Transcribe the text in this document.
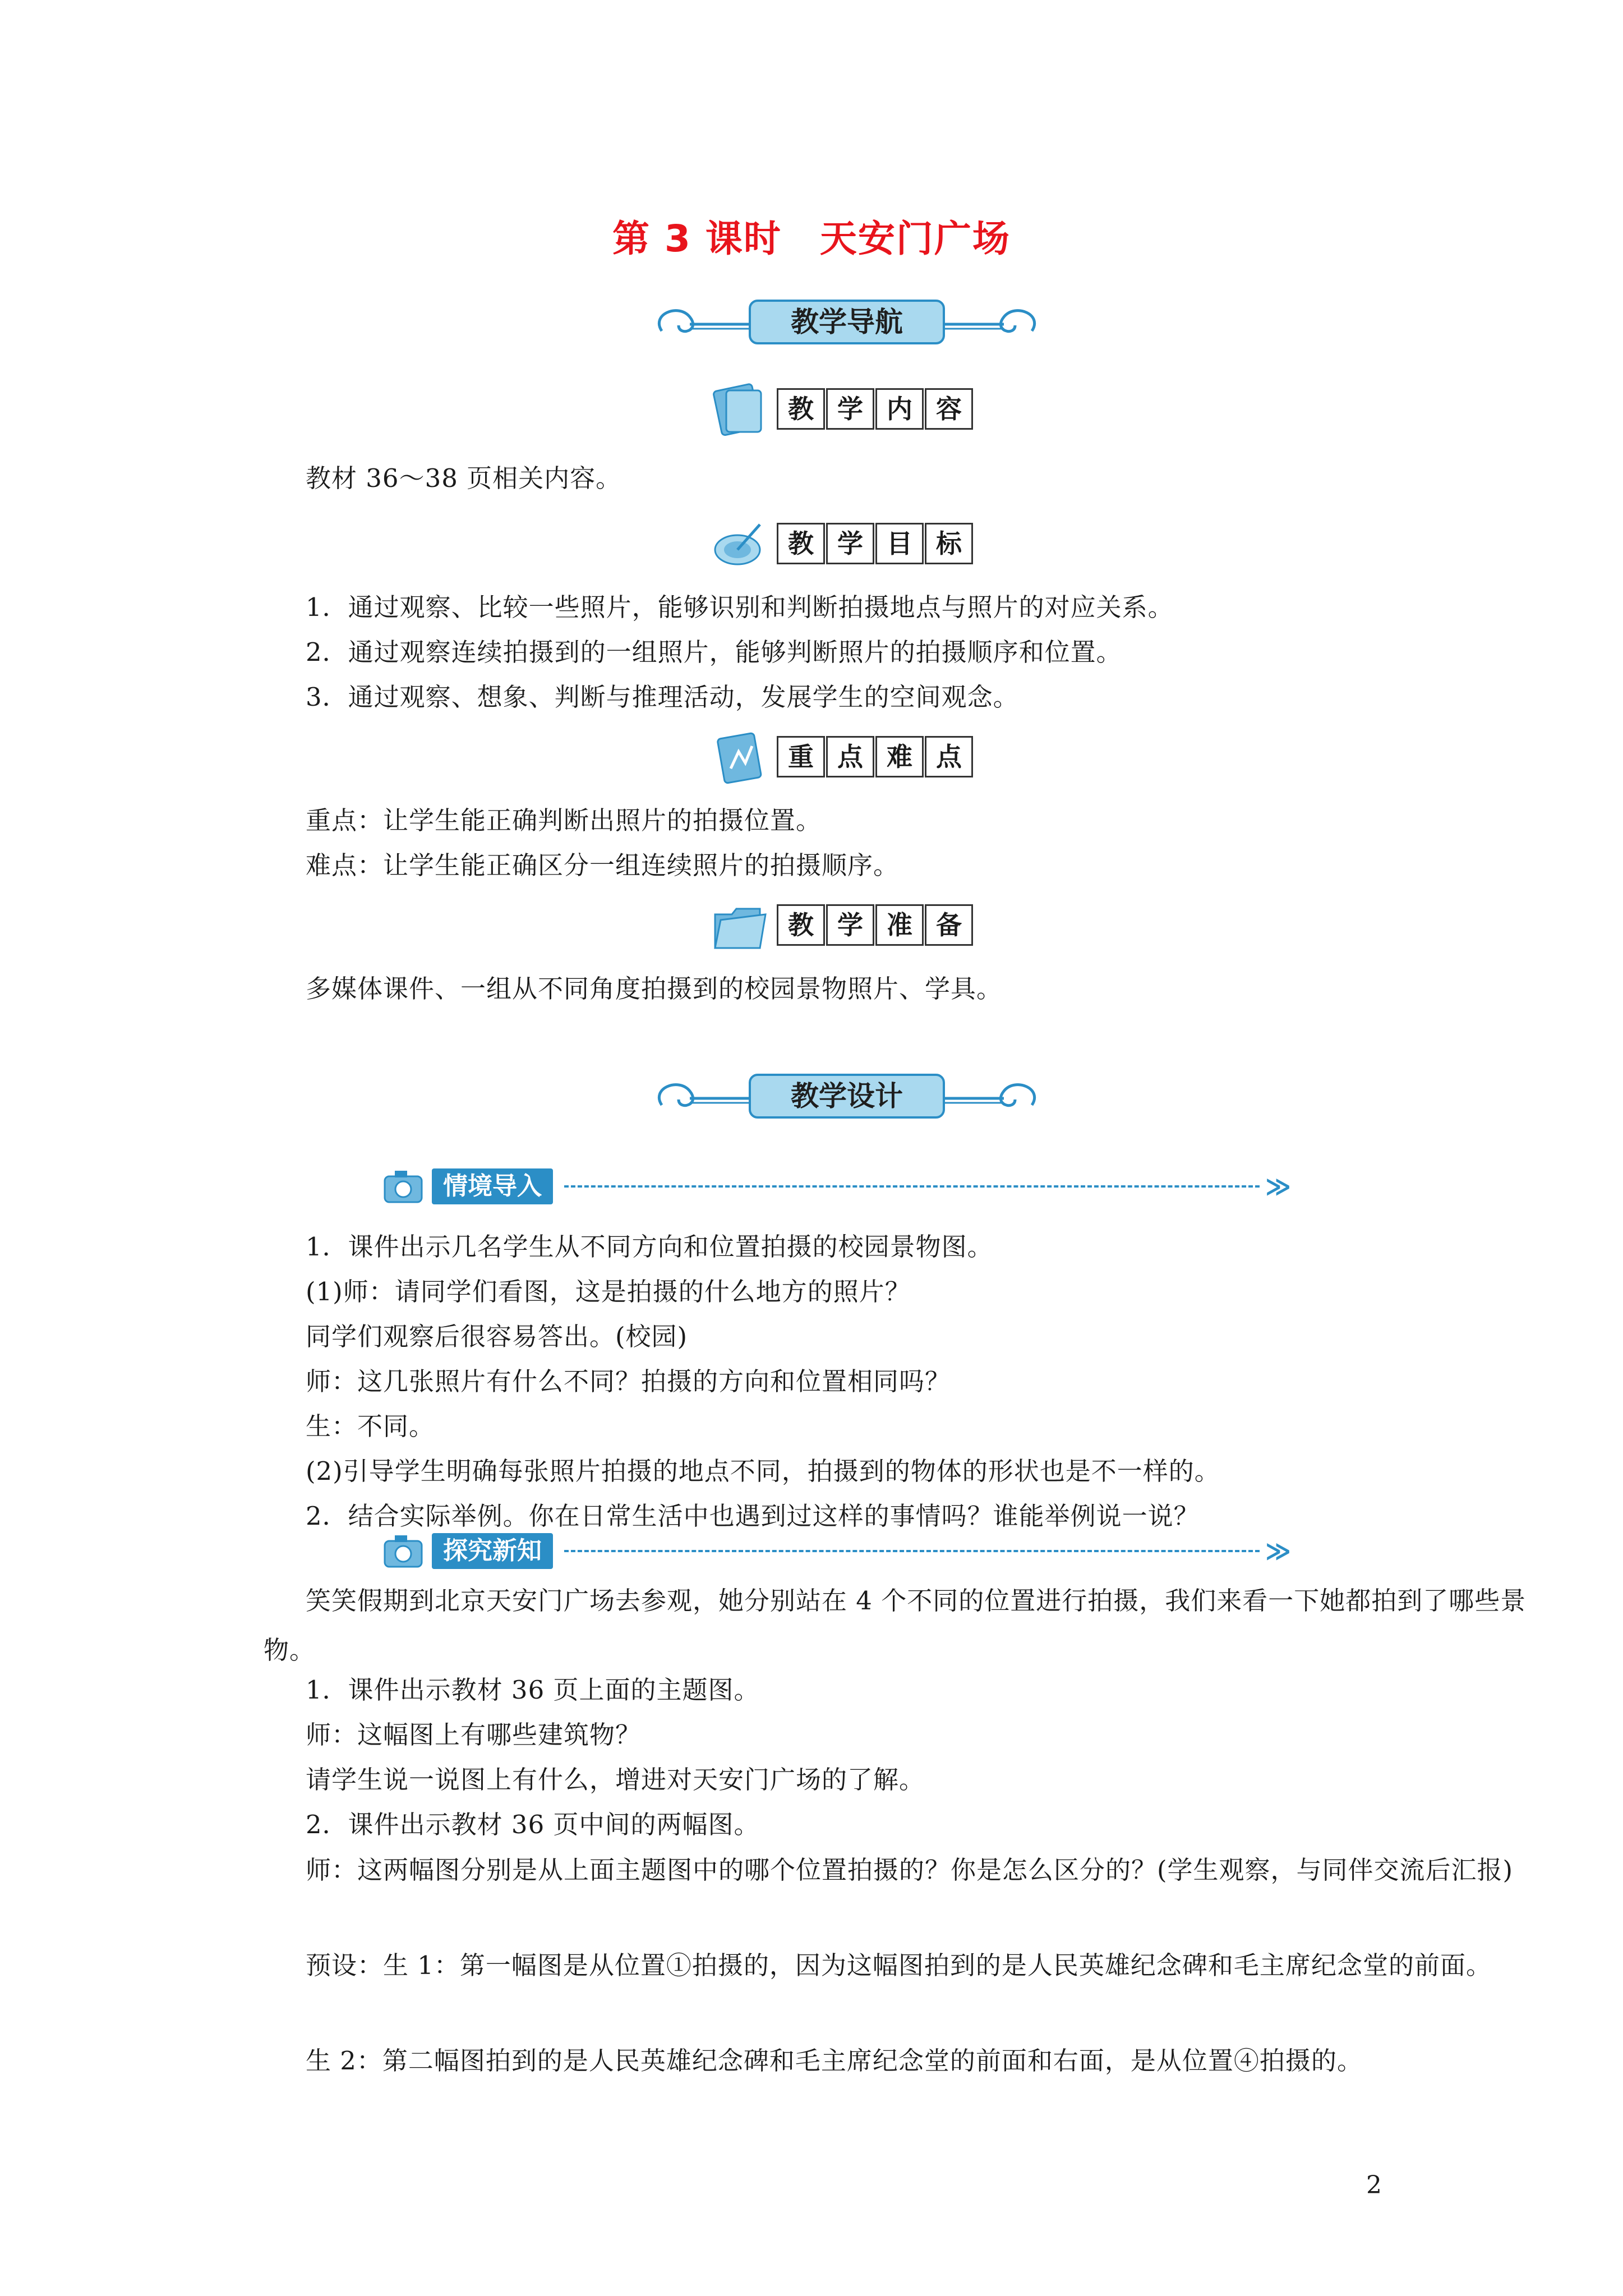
第 3 课时　天安门广场
教学导航
教 学 内 容
教材 36～38 页相关内容。
教 学 目 标
1．通过观察、比较一些照片，能够识别和判断拍摄地点与照片的对应关系。
2．通过观察连续拍摄到的一组照片，能够判断照片的拍摄顺序和位置。
3．通过观察、想象、判断与推理活动，发展学生的空间观念。
重 点 难 点
重点：让学生能正确判断出照片的拍摄位置。
难点：让学生能正确区分一组连续照片的拍摄顺序。
教 学 准 备
多媒体课件、一组从不同角度拍摄到的校园景物照片、学具。
教学设计
情境导入	≫
1．课件出示几名学生从不同方向和位置拍摄的校园景物图。
(1)师：请同学们看图，这是拍摄的什么地方的照片？
同学们观察后很容易答出。(校园)
师：这几张照片有什么不同？拍摄的方向和位置相同吗？
生：不同。
(2)引导学生明确每张照片拍摄的地点不同，拍摄到的物体的形状也是不一样的。
2．结合实际举例。你在日常生活中也遇到过这样的事情吗？谁能举例说一说？
探究新知	≫
笑笑假期到北京天安门广场去参观，她分别站在 4 个不同的位置进行拍摄，我们来看一下她都拍到了哪些景物。
1．课件出示教材 36 页上面的主题图。
师：这幅图上有哪些建筑物？
请学生说一说图上有什么，增进对天安门广场的了解。
2．课件出示教材 36 页中间的两幅图。
师：这两幅图分别是从上面主题图中的哪个位置拍摄的？你是怎么区分的？(学生观察，与同伴交流后汇报)
预设：生 1：第一幅图是从位置①拍摄的，因为这幅图拍到的是人民英雄纪念碑和毛主席纪念堂的前面。
生 2：第二幅图拍到的是人民英雄纪念碑和毛主席纪念堂的前面和右面，是从位置④拍摄的。
2
